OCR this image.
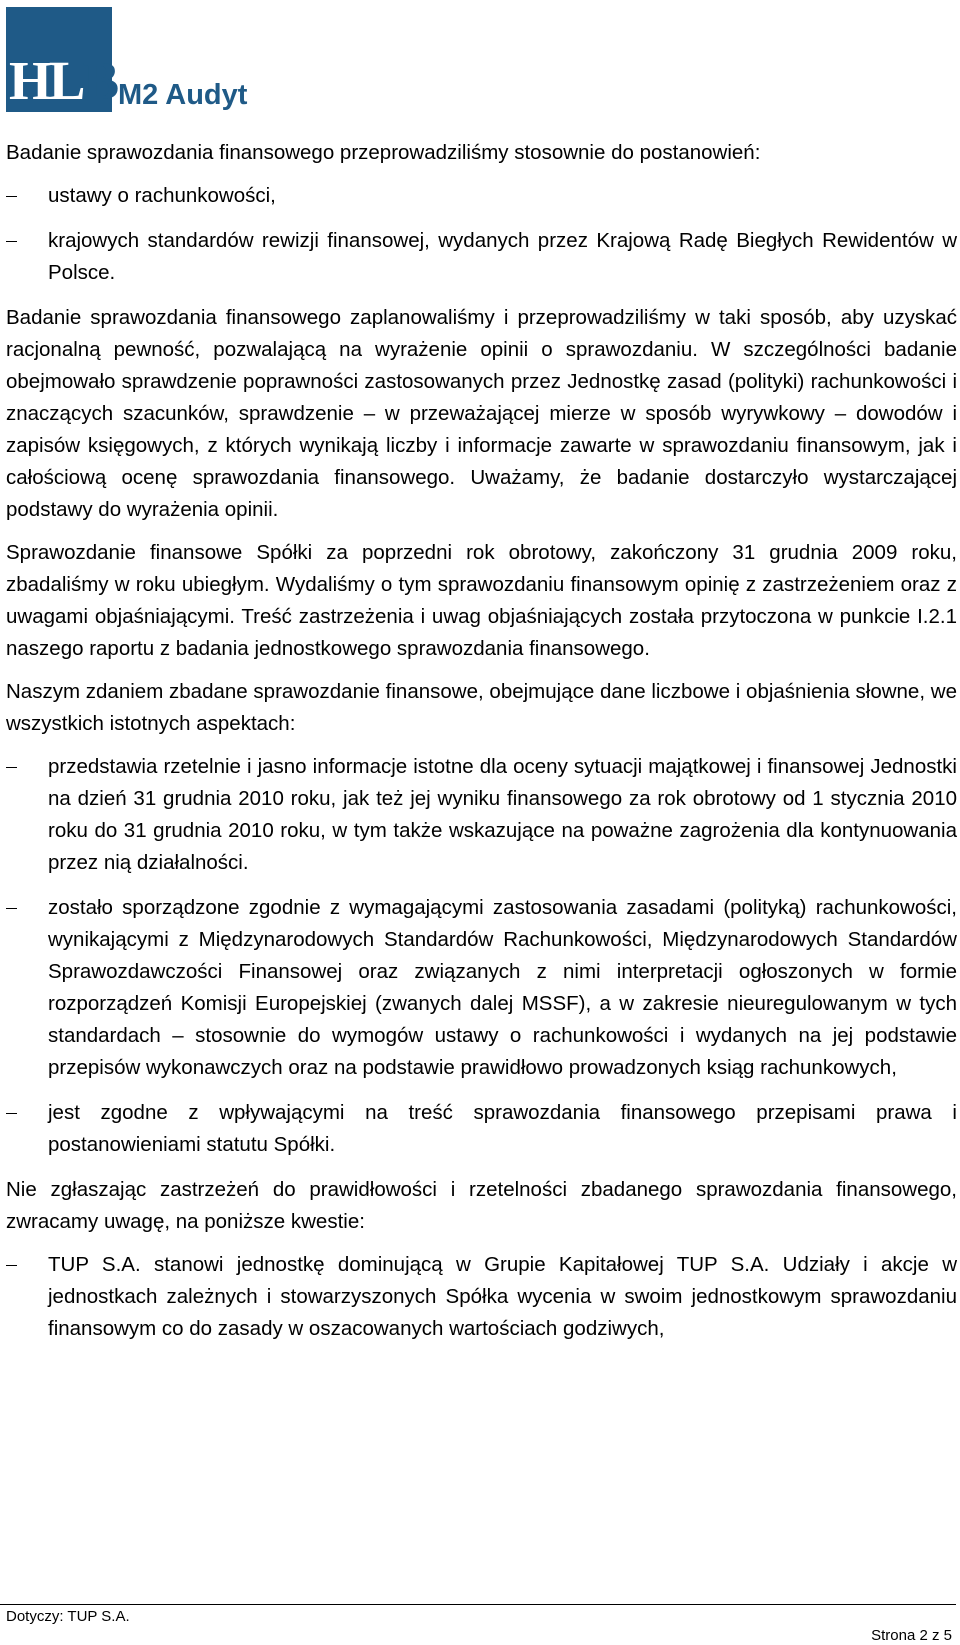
HLB M2 Audyt

Badanie sprawozdania finansowego przeprowadziliśmy stosownie do postanowień:

ustawy o rachunkowości,
krajowych standardów rewizji finansowej, wydanych przez Krajową Radę Biegłych Rewidentów w Polsce.

Badanie sprawozdania finansowego zaplanowaliśmy i przeprowadziliśmy w taki sposób, aby uzyskać racjonalną pewność, pozwalającą na wyrażenie opinii o sprawozdaniu. W szczególności badanie obejmowało sprawdzenie poprawności zastosowanych przez Jednostkę zasad (polityki) rachunkowości i znaczących szacunków, sprawdzenie – w przeważającej mierze w sposób wyrywkowy – dowodów i zapisów księgowych, z których wynikają liczby i informacje zawarte w sprawozdaniu finansowym, jak i całościową ocenę sprawozdania finansowego. Uważamy, że badanie dostarczyło wystarczającej podstawy do wyrażenia opinii.

Sprawozdanie finansowe Spółki za poprzedni rok obrotowy, zakończony 31 grudnia 2009 roku, zbadaliśmy w roku ubiegłym. Wydaliśmy o tym sprawozdaniu finansowym opinię z zastrzeżeniem oraz z uwagami objaśniającymi. Treść zastrzeżenia i uwag objaśniających została przytoczona w punkcie I.2.1 naszego raportu z badania jednostkowego sprawozdania finansowego.

Naszym zdaniem zbadane sprawozdanie finansowe, obejmujące dane liczbowe i objaśnienia słowne, we wszystkich istotnych aspektach:

przedstawia rzetelnie i jasno informacje istotne dla oceny sytuacji majątkowej i finansowej Jednostki na dzień 31 grudnia 2010 roku, jak też jej wyniku finansowego za rok obrotowy od 1 stycznia 2010 roku do 31 grudnia 2010 roku, w tym także wskazujące na poważne zagrożenia dla kontynuowania przez nią działalności.
zostało sporządzone zgodnie z wymagającymi zastosowania zasadami (polityką) rachunkowości, wynikającymi z Międzynarodowych Standardów Rachunkowości, Międzynarodowych Standardów Sprawozdawczości Finansowej oraz związanych z nimi interpretacji ogłoszonych w formie rozporządzeń Komisji Europejskiej (zwanych dalej MSSF), a w zakresie nieuregulowanym w tych standardach – stosownie do wymogów ustawy o rachunkowości i wydanych na jej podstawie przepisów wykonawczych oraz na podstawie prawidłowo prowadzonych ksiąg rachunkowych,
jest zgodne z wpływającymi na treść sprawozdania finansowego przepisami prawa i postanowieniami statutu Spółki.

Nie zgłaszając zastrzeżeń do prawidłowości i rzetelności zbadanego sprawozdania finansowego, zwracamy uwagę, na poniższe kwestie:

TUP S.A. stanowi jednostkę dominującą w Grupie Kapitałowej TUP S.A. Udziały i akcje w jednostkach zależnych i stowarzyszonych Spółka wycenia w swoim jednostkowym sprawozdaniu finansowym co do zasady w oszacowanych wartościach godziwych,
Dotyczy: TUP S.A.
Strona 2 z 5
